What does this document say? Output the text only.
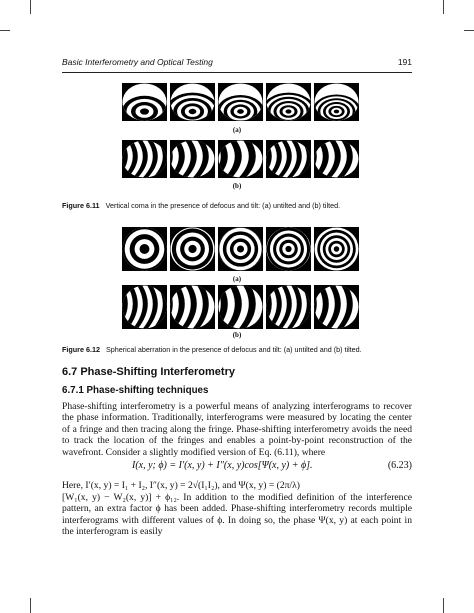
Basic Interferometry and Optical Testing	191
(a)
(b)
Figure 6.11 Vertical coma in the presence of defocus and tilt: (a) untilted and (b) tilted.
(a)
(b)
Figure 6.12 Spherical aberration in the presence of defocus and tilt: (a) untilted and (b) tilted.
6.7 Phase-Shifting Interferometry
6.7.1 Phase-shifting techniques
Phase-shifting interferometry is a powerful means of analyzing interferograms to recover the phase information. Traditionally, interferograms were measured by locating the center of a fringe and then tracing along the fringe. Phase-shifting interferometry avoids the need to track the location of the fringes and enables a point-by-point reconstruction of the wavefront. Consider a slightly modified version of Eq. (6.11), where
I(x, y; ϕ) = I′(x, y) + I″(x, y)cos[Ψ(x, y) + ϕ].	(6.23)
Here, I′(x, y) = I₁ + I₂, I″(x, y) = 2√(I₁I₂), and Ψ(x, y) = (2π/λ)
[W₁(x, y) − W₂(x, y)] + ϕ₁₂. In addition to the modified definition of the interference pattern, an extra factor ϕ has been added. Phase-shifting interferometry records multiple interferograms with different values of ϕ. In doing so, the phase Ψ(x, y) at each point in the interferogram is easily
